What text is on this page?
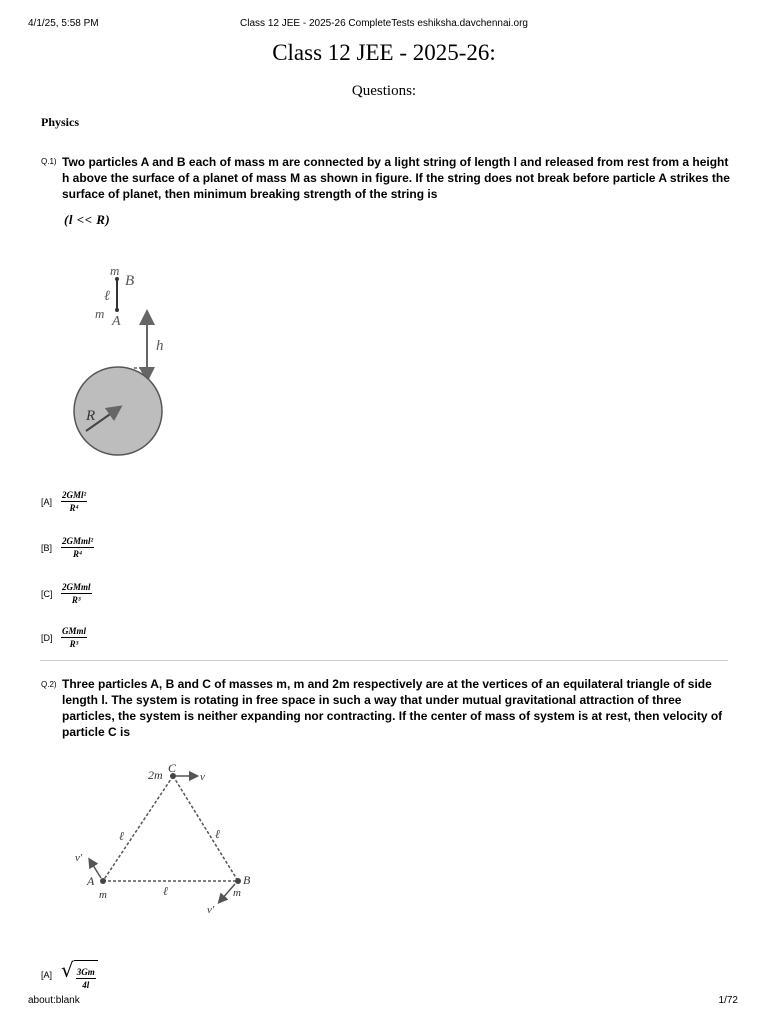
Class 12 JEE - 2025-26 CompleteTests eshiksha.davchennai.org
4/1/25, 5:58 PM
Class 12 JEE - 2025-26:
Questions:
Physics
Q.1) Two particles A and B each of mass m are connected by a light string of length l and released from rest from a height h above the surface of a planet of mass M as shown in figure. If the string does not break before particle A strikes the surface of planet, then minimum breaking strength of the string is
(l << R)
m
B
ℓ
m
A
h
R
$[A] \frac{\text{2GMl²}}{\text{R⁴}}$
$[B] \frac{\text{2GMml²}}{\text{R⁴}}$
$[C] \frac{\text{2GMml}}{\text{R³}}$
$[D] \frac{\text{GMml}}{\text{R³}}$
Q.2) Three particles A, B and C of masses m, m and 2m respectively are at the vertices of an equilateral triangle of side length l. The system is rotating in free space in such a way that under mutual gravitational attraction of three particles, the system is neither expanding nor contracting. If the center of mass of system is at rest, then velocity of particle C is
2m C
v
ℓ	ℓ
ℓ
v'
A
m
B
m
v'
[A] √ $\frac{3Gm}{4l}$
about:blank	1/72
